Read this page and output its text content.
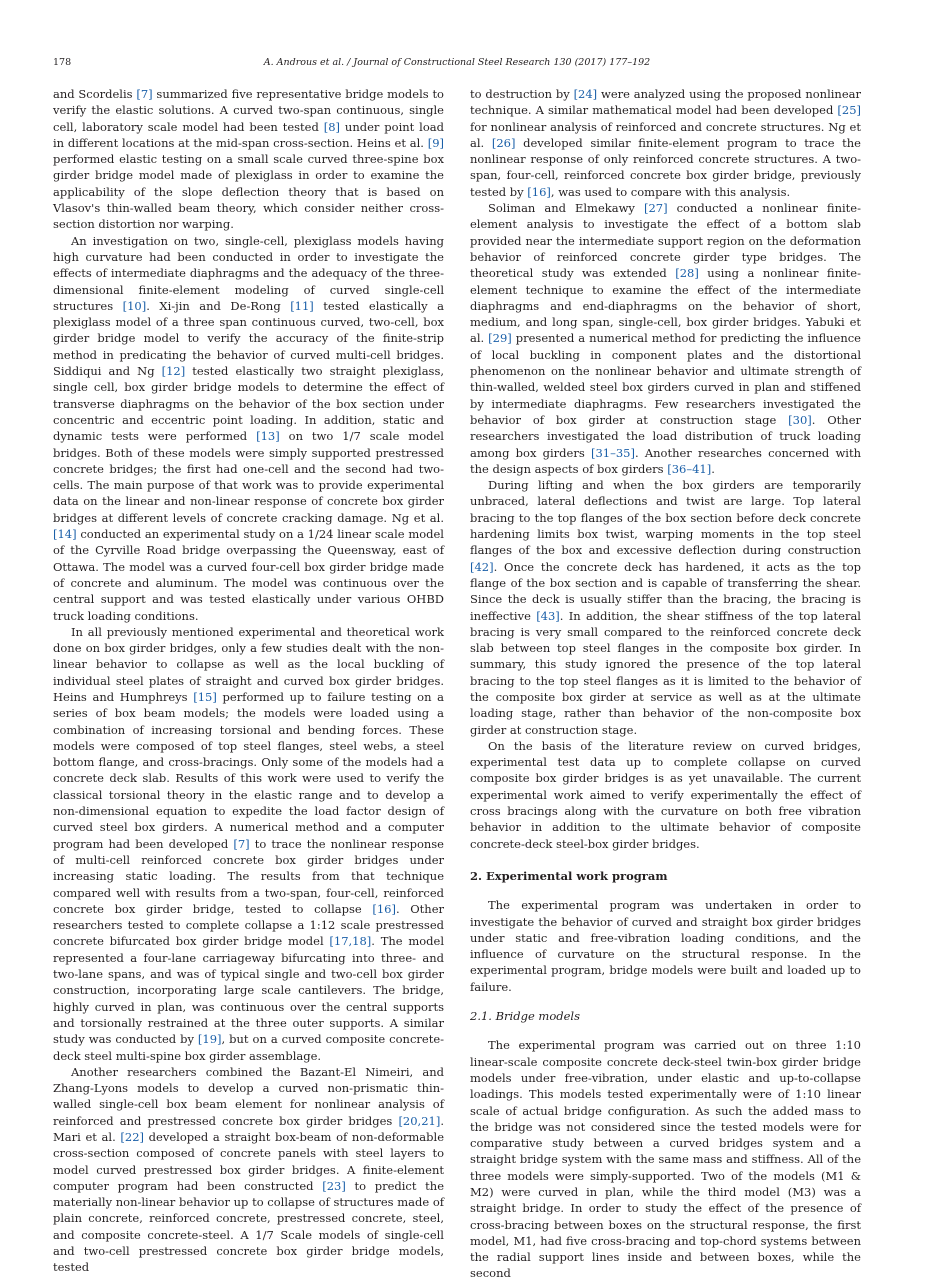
178	A. Androus et al. / Journal of Constructional Steel Research 130 (2017) 177–192

and Scordelis [7] summarized five representative bridge models to verify the elastic solutions. A curved two-span continuous, single cell, laboratory scale model had been tested [8] under point load in different locations at the mid-span cross-section. Heins et al. [9] performed elastic testing on a small scale curved three-spine box girder bridge model made of plexiglass in order to examine the applicability of the slope deflection theory that is based on Vlasov's thin-walled beam theory, which consider neither cross-section distortion nor warping.

An investigation on two, single-cell, plexiglass models having high curvature had been conducted in order to investigate the effects of intermediate diaphragms and the adequacy of the three-dimensional finite-element modeling of curved single-cell structures [10]. Xi-jin and De-Rong [11] tested elastically a plexiglass model of a three span continuous curved, two-cell, box girder bridge model to verify the accuracy of the finite-strip method in predicating the behavior of curved multi-cell bridges. Siddiqui and Ng [12] tested elastically two straight plexiglass, single cell, box girder bridge models to determine the effect of transverse diaphragms on the behavior of the box section under concentric and eccentric point loading. In addition, static and dynamic tests were performed [13] on two 1/7 scale model bridges. Both of these models were simply supported prestressed concrete bridges; the first had one-cell and the second had two-cells. The main purpose of that work was to provide experimental data on the linear and non-linear response of concrete box girder bridges at different levels of concrete cracking damage. Ng et al. [14] conducted an experimental study on a 1/24 linear scale model of the Cyrville Road bridge overpassing the Queensway, east of Ottawa. The model was a curved four-cell box girder bridge made of concrete and aluminum. The model was continuous over the central support and was tested elastically under various OHBD truck loading conditions.

In all previously mentioned experimental and theoretical work done on box girder bridges, only a few studies dealt with the non-linear behavior to collapse as well as the local buckling of individual steel plates of straight and curved box girder bridges. Heins and Humphreys [15] performed up to failure testing on a series of box beam models; the models were loaded using a combination of increasing torsional and bending forces. These models were composed of top steel flanges, steel webs, a steel bottom flange, and cross-bracings. Only some of the models had a concrete deck slab. Results of this work were used to verify the classical torsional theory in the elastic range and to develop a non-dimensional equation to expedite the load factor design of curved steel box girders. A numerical method and a computer program had been developed [7] to trace the nonlinear response of multi-cell reinforced concrete box girder bridges under increasing static loading. The results from that technique compared well with results from a two-span, four-cell, reinforced concrete box girder bridge, tested to collapse [16]. Other researchers tested to complete collapse a 1:12 scale prestressed concrete bifurcated box girder bridge model [17,18]. The model represented a four-lane carriageway bifurcating into three- and two-lane spans, and was of typical single and two-cell box girder construction, incorporating large scale cantilevers. The bridge, highly curved in plan, was continuous over the central supports and torsionally restrained at the three outer supports. A similar study was conducted by [19], but on a curved composite concrete-deck steel multi-spine box girder assemblage.

Another researchers combined the Bazant-El Nimeiri, and Zhang-Lyons models to develop a curved non-prismatic thin-walled single-cell box beam element for nonlinear analysis of reinforced and prestressed concrete box girder bridges [20,21]. Mari et al. [22] developed a straight box-beam of non-deformable cross-section composed of concrete panels with steel layers to model curved prestressed box girder bridges. A finite-element computer program had been constructed [23] to predict the materially non-linear behavior up to collapse of structures made of plain concrete, reinforced concrete, prestressed concrete, steel, and composite concrete-steel. A 1/7 Scale models of single-cell and two-cell prestressed concrete box girder bridge models, tested

to destruction by [24] were analyzed using the proposed nonlinear technique. A similar mathematical model had been developed [25] for nonlinear analysis of reinforced and concrete structures. Ng et al. [26] developed similar finite-element program to trace the nonlinear response of only reinforced concrete structures. A two-span, four-cell, reinforced concrete box girder bridge, previously tested by [16], was used to compare with this analysis.

Soliman and Elmekawy [27] conducted a nonlinear finite-element analysis to investigate the effect of a bottom slab provided near the intermediate support region on the deformation behavior of reinforced concrete girder type bridges. The theoretical study was extended [28] using a nonlinear finite-element technique to examine the effect of the intermediate diaphragms and end-diaphragms on the behavior of short, medium, and long span, single-cell, box girder bridges. Yabuki et al. [29] presented a numerical method for predicting the influence of local buckling in component plates and the distortional phenomenon on the nonlinear behavior and ultimate strength of thin-walled, welded steel box girders curved in plan and stiffened by intermediate diaphragms. Few researchers investigated the behavior of box girder at construction stage [30]. Other researchers investigated the load distribution of truck loading among box girders [31–35]. Another researches concerned with the design aspects of box girders [36–41].

During lifting and when the box girders are temporarily unbraced, lateral deflections and twist are large. Top lateral bracing to the top flanges of the box section before deck concrete hardening limits box twist, warping moments in the top steel flanges of the box and excessive deflection during construction [42]. Once the concrete deck has hardened, it acts as the top flange of the box section and is capable of transferring the shear. Since the deck is usually stiffer than the bracing, the bracing is ineffective [43]. In addition, the shear stiffness of the top lateral bracing is very small compared to the reinforced concrete deck slab between top steel flanges in the composite box girder. In summary, this study ignored the presence of the top lateral bracing to the top steel flanges as it is limited to the behavior of the composite box girder at service as well as at the ultimate loading stage, rather than behavior of the non-composite box girder at construction stage.

On the basis of the literature review on curved bridges, experimental test data up to complete collapse on curved composite box girder bridges is as yet unavailable. The current experimental work aimed to verify experimentally the effect of cross bracings along with the curvature on both free vibration behavior in addition to the ultimate behavior of composite concrete-deck steel-box girder bridges.

2. Experimental work program

The experimental program was undertaken in order to investigate the behavior of curved and straight box girder bridges under static and free-vibration loading conditions, and the influence of curvature on the structural response. In the experimental program, bridge models were built and loaded up to failure.

2.1. Bridge models

The experimental program was carried out on three 1:10 linear-scale composite concrete deck-steel twin-box girder bridge models under free-vibration, under elastic and up-to-collapse loadings. This models tested experimentally were of 1:10 linear scale of actual bridge configuration. As such the added mass to the bridge was not considered since the tested models were for comparative study between a curved bridges system and a straight bridge system with the same mass and stiffness. All of the three models were simply-supported. Two of the models (M1 & M2) were curved in plan, while the third model (M3) was a straight bridge. In order to study the effect of the presence of cross-bracing between boxes on the structural response, the first model, M1, had five cross-bracing and top-chord systems between the radial support lines inside and between boxes, while the second
